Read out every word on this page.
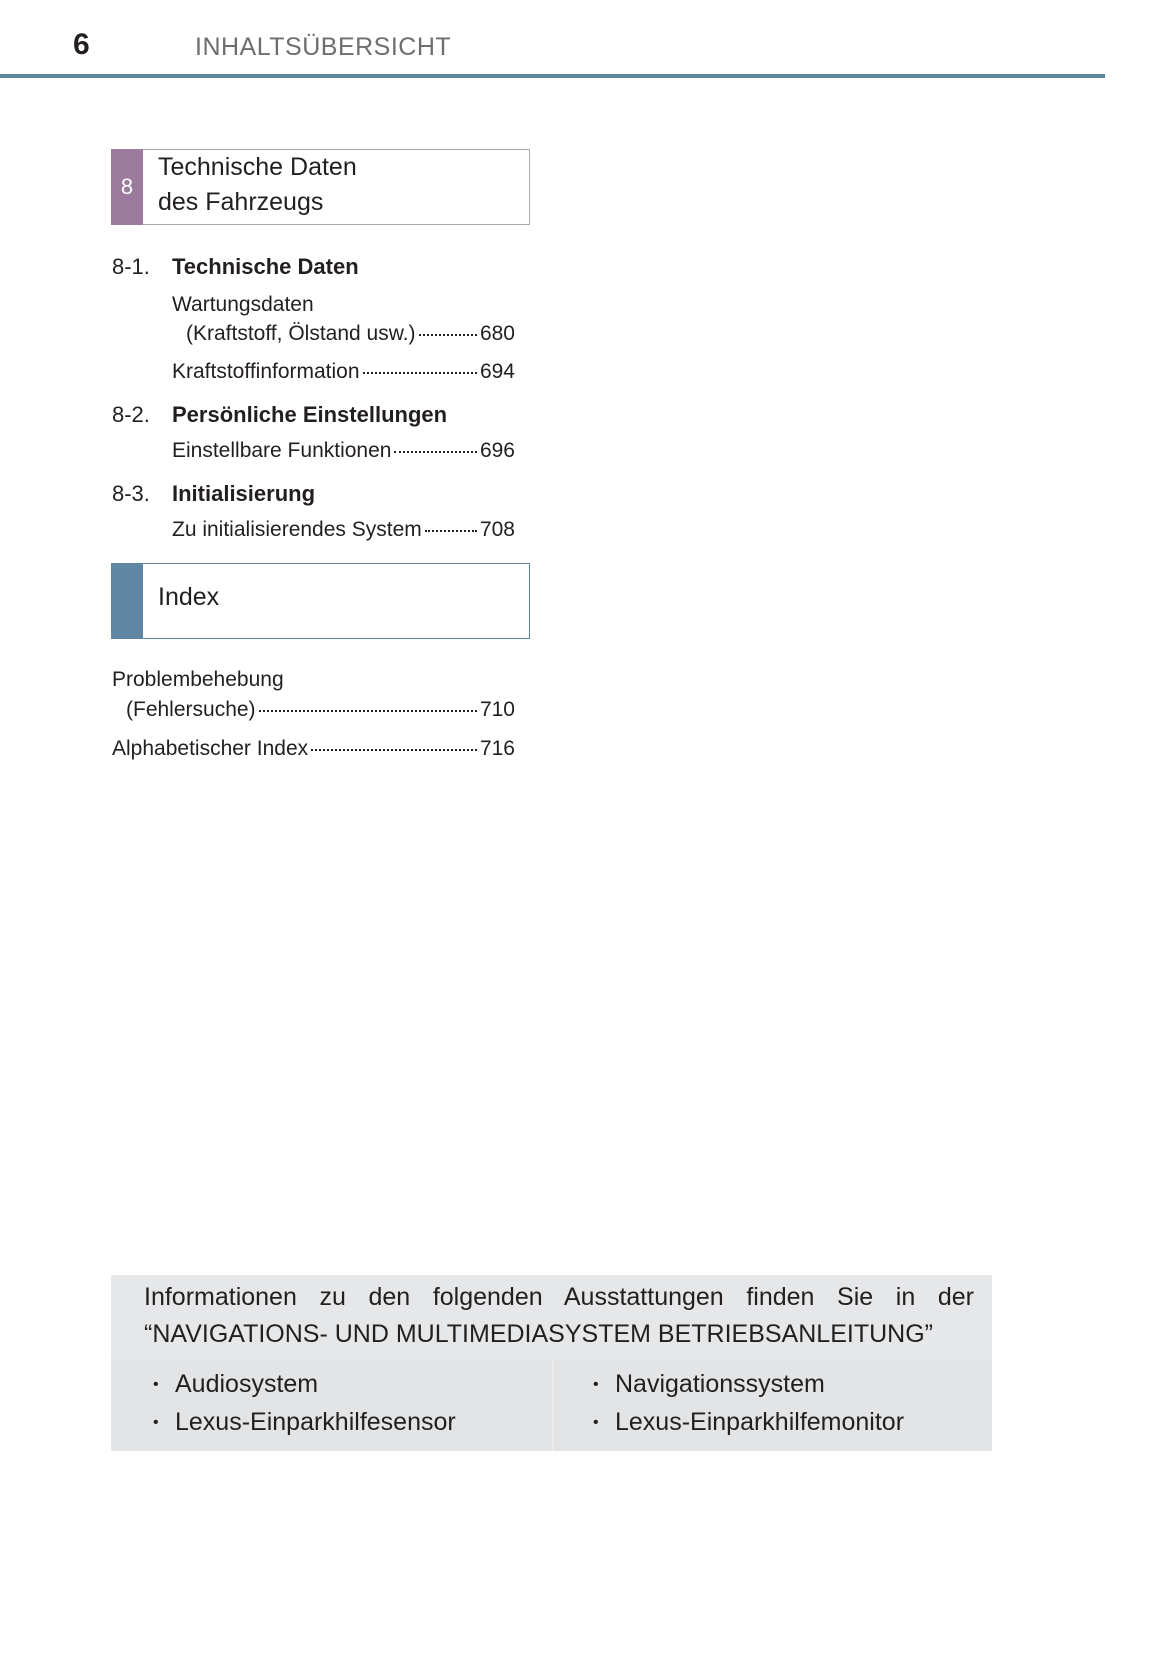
6	INHALTSÜBERSICHT
8
Technische Daten
des Fahrzeugs
8-1. Technische Daten
Wartungsdaten
(Kraftstoff, Ölstand usw.)	680
Kraftstoffinformation	694
8-2. Persönliche Einstellungen
Einstellbare Funktionen	696
8-3. Initialisierung
Zu initialisierendes System	708
Index
Problembehebung
(Fehlersuche)	710
Alphabetischer Index	716
Informationen zu den folgenden Ausstattungen finden Sie in der
“NAVIGATIONS- UND MULTIMEDIASYSTEM BETRIEBSANLEITUNG”
• Audiosystem	• Navigationssystem
• Lexus-Einparkhilfesensor	• Lexus-Einparkhilfemonitor
